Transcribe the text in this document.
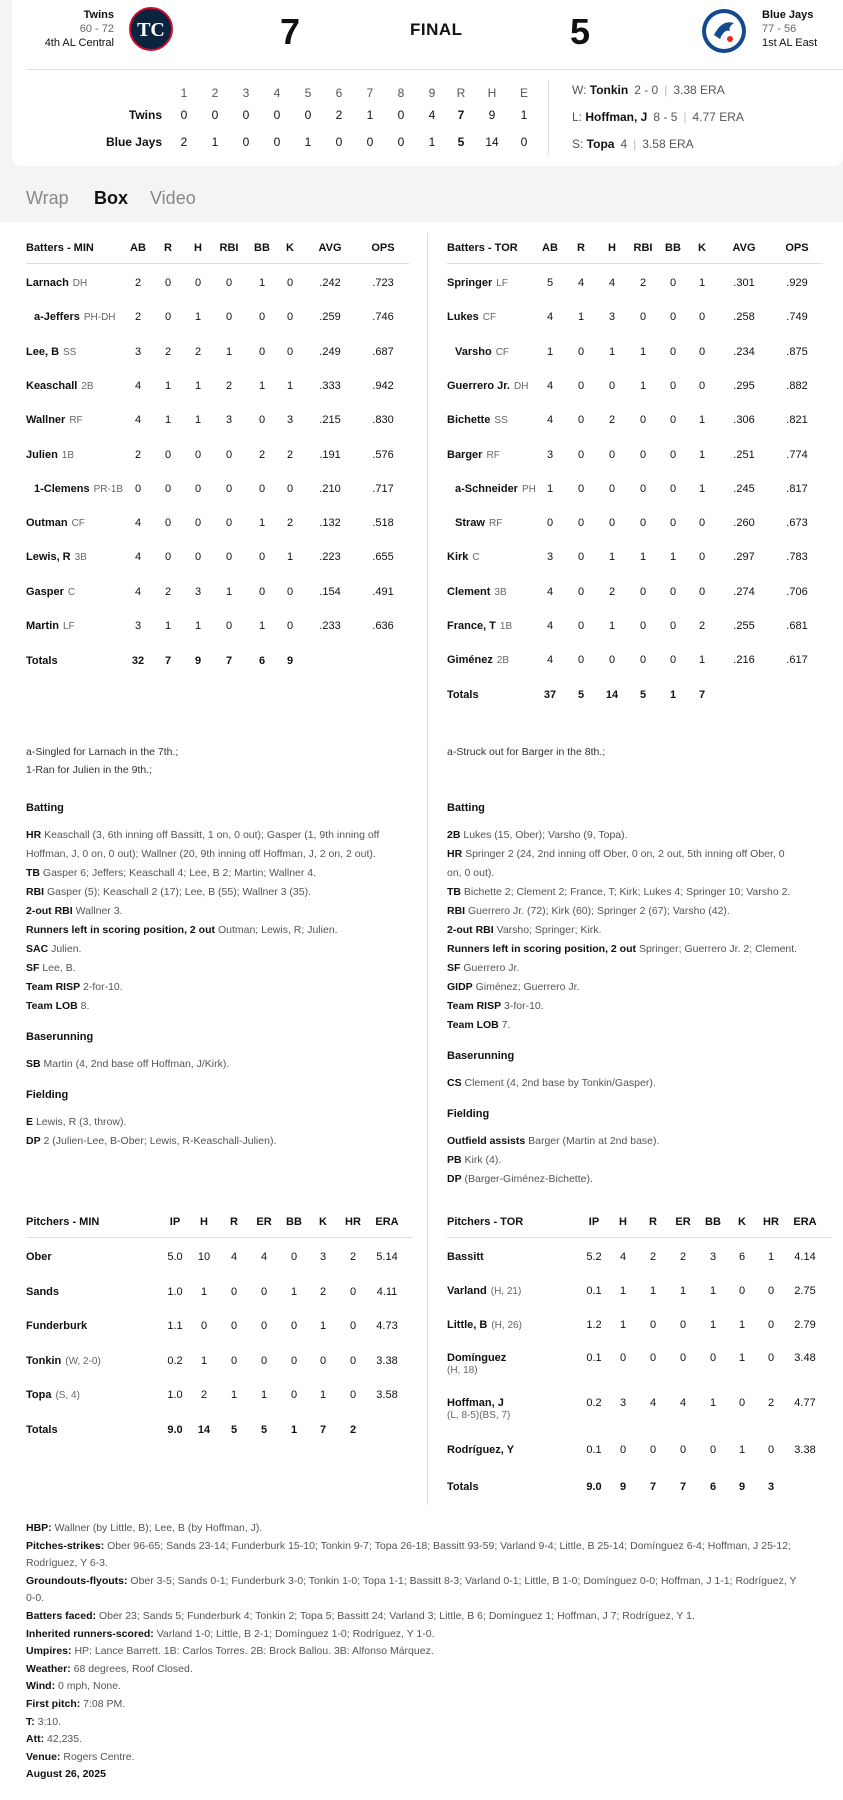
Twins
60 - 72
4th AL Central
TC	7	FINAL	5	Blue Jays
77 - 56
1st AL East
1	2	3	4	5	6	7	8	9	R	H	E
Twins	0	0	0	0	0	2	1	0	4	7	9	1
Blue Jays	2	1	0	0	1	0	0	0	1	5	14	0
W: Tonkin 2 - 0 | 3.38 ERA
L: Hoffman, J 8 - 5 | 4.77 ERA
S: Topa 4 | 3.58 ERA
Wrap Box Video
Batters - MIN	AB	R	H	RBI	BB	K	AVG	OPS	Batters - TOR	AB	R	H	RBI	BB	K	AVG	OPS
Larnach DH	2	0	0	0	1	0	.242	.723
a-Jeffers PH-DH	2	0	1	0	0	0	.259	.746
Lee, B SS	3	2	2	1	0	0	.249	.687
Keaschall 2B	4	1	1	2	1	1	.333	.942
Wallner RF	4	1	1	3	0	3	.215	.830
Julien 1B	2	0	0	0	2	2	.191	.576
1-Clemens PR-1B	0	0	0	0	0	0	.210	.717
Outman CF	4	0	0	0	1	2	.132	.518
Lewis, R 3B	4	0	0	0	0	1	.223	.655
Gasper C	4	2	3	1	0	0	.154	.491
Martin LF	3	1	1	0	1	0	.233	.636
Springer LF	5	4	4	2	0	1	.301	.929
Lukes CF	4	1	3	0	0	0	.258	.749
Varsho CF	1	0	1	1	0	0	.234	.875
Guerrero Jr. DH	4	0	0	1	0	0	.295	.882
Bichette SS	4	0	2	0	0	1	.306	.821
Barger RF	3	0	0	0	0	1	.251	.774
a-Schneider PH	1	0	0	0	0	1	.245	.817
Straw RF	0	0	0	0	0	0	.260	.673
Kirk C	3	0	1	1	1	0	.297	.783
Clement 3B	4	0	2	0	0	0	.274	.706
France, T 1B	4	0	1	0	0	2	.255	.681
Giménez 2B	4	0	0	0	0	1	.216	.617
Totals	32	7	9	7	6	9
Totals	37	5	14	5	1	7
a-Singled for Larnach in the 7th.;
1-Ran for Julien in the 9th.;
a-Struck out for Barger in the 8th.;
Batting
HR Keaschall (3, 6th inning off Bassitt, 1 on, 0 out); Gasper (1, 9th inning off
Hoffman, J, 0 on, 0 out); Wallner (20, 9th inning off Hoffman, J, 2 on, 2 out).
TB Gasper 6; Jeffers; Keaschall 4; Lee, B 2; Martin; Wallner 4.
RBI Gasper (5); Keaschall 2 (17); Lee, B (55); Wallner 3 (35).
2-out RBI Wallner 3.
Runners left in scoring position, 2 out Outman; Lewis, R; Julien.
SAC Julien.
SF Lee, B.
Team RISP 2-for-10.
Team LOB 8.
Baserunning
SB Martin (4, 2nd base off Hoffman, J/Kirk).
Fielding
E Lewis, R (3, throw).
DP 2 (Julien-Lee, B-Ober; Lewis, R-Keaschall-Julien).
Batting
2B Lukes (15, Ober); Varsho (9, Topa).
HR Springer 2 (24, 2nd inning off Ober, 0 on, 2 out, 5th inning off Ober, 0
on, 0 out).
TB Bichette 2; Clement 2; France, T; Kirk; Lukes 4; Springer 10; Varsho 2.
RBI Guerrero Jr. (72); Kirk (60); Springer 2 (67); Varsho (42).
2-out RBI Varsho; Springer; Kirk.
Runners left in scoring position, 2 out Springer; Guerrero Jr. 2; Clement.
SF Guerrero Jr.
GIDP Giménez; Guerrero Jr.
Team RISP 3-for-10.
Team LOB 7.
Baserunning
CS Clement (4, 2nd base by Tonkin/Gasper).
Fielding
Outfield assists Barger (Martin at 2nd base).
PB Kirk (4).
DP (Barger-Giménez-Bichette).
Pitchers - MIN	IP	H	R	ER	BB	K	HR	ERA	Pitchers - TOR	IP	H	R	ER	BB	K	HR	ERA
Ober	5.0	10	4	4	0	3	2	5.14
Sands	1.0	1	0	0	1	2	0	4.11
Funderburk	1.1	0	0	0	0	1	0	4.73
Tonkin (W, 2-0)	0.2	1	0	0	0	0	0	3.38
Topa (S, 4)	1.0	2	1	1	0	1	0	3.58
Bassitt	5.2	4	2	2	3	6	1	4.14
Varland (H, 21)	0.1	1	1	1	1	0	0	2.75
Little, B (H, 26)	1.2	1	0	0	1	1	0	2.79
Domínguez
(H, 18)
0.1	0	0	0	0	1	0	3.48
Hoffman, J
(L, 8-5)(BS, 7)
0.2	3	4	4	1	0	2	4.77
Rodríguez, Y	0.1	0	0	0	0	1	0	3.38
Totals	9.0	14	5	5	1	7	2
Totals	9.0	9	7	7	6	9	3
HBP: Wallner (by Little, B); Lee, B (by Hoffman, J).
Pitches-strikes: Ober 96-65; Sands 23-14; Funderburk 15-10; Tonkin 9-7; Topa 26-18; Bassitt 93-59; Varland 9-4; Little, B 25-14; Domínguez 6-4; Hoffman, J 25-12;
Rodríguez, Y 6-3.
Groundouts-flyouts: Ober 3-5; Sands 0-1; Funderburk 3-0; Tonkin 1-0; Topa 1-1; Bassitt 8-3; Varland 0-1; Little, B 1-0; Domínguez 0-0; Hoffman, J 1-1; Rodríguez, Y
0-0.
Batters faced: Ober 23; Sands 5; Funderburk 4; Tonkin 2; Topa 5; Bassitt 24; Varland 3; Little, B 6; Domínguez 1; Hoffman, J 7; Rodríguez, Y 1.
Inherited runners-scored: Varland 1-0; Little, B 2-1; Domínguez 1-0; Rodríguez, Y 1-0.
Umpires: HP: Lance Barrett. 1B: Carlos Torres. 2B: Brock Ballou. 3B: Alfonso Márquez.
Weather: 68 degrees, Roof Closed.
Wind: 0 mph, None.
First pitch: 7:08 PM.
T: 3:10.
Att: 42,235.
Venue: Rogers Centre.
August 26, 2025
